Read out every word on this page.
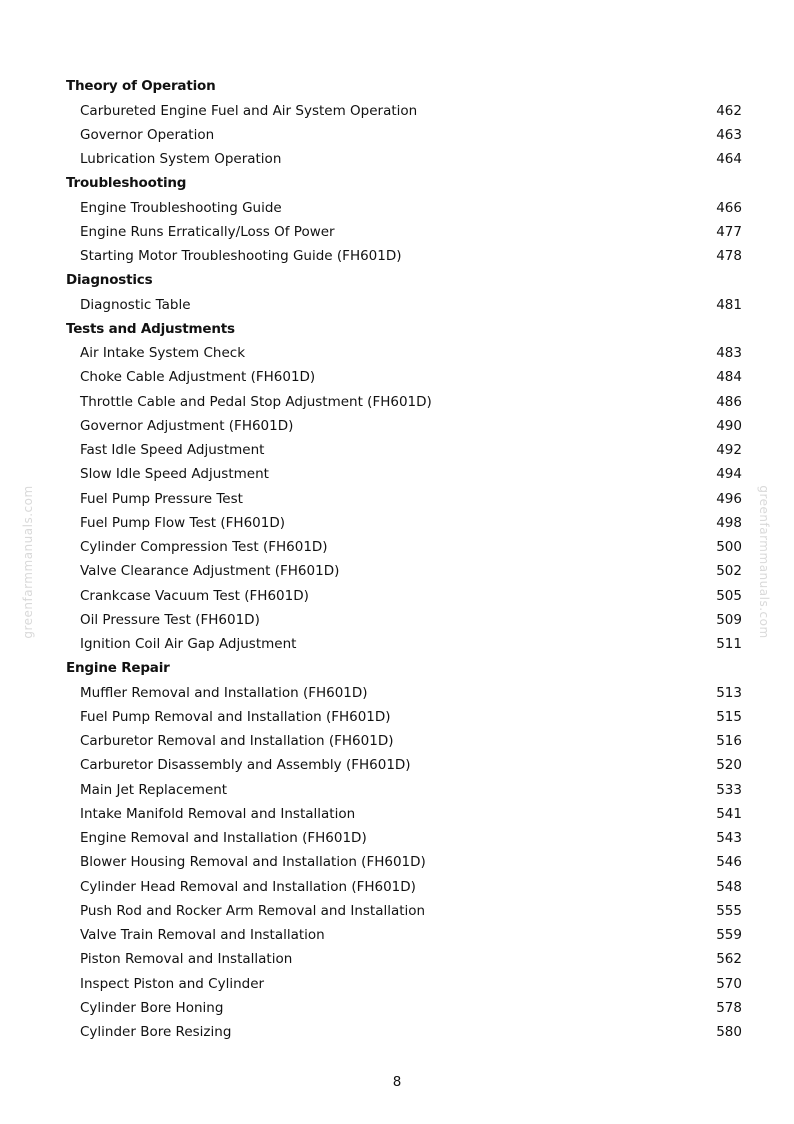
greenfarmmanuals.com	greenfarmmanuals.com
Theory of Operation
Carbureted Engine Fuel and Air System Operation	462
Governor Operation	463
Lubrication System Operation	464
Troubleshooting
Engine Troubleshooting Guide	466
Engine Runs Erratically/Loss Of Power	477
Starting Motor Troubleshooting Guide (FH601D)	478
Diagnostics
Diagnostic Table	481
Tests and Adjustments
Air Intake System Check	483
Choke Cable Adjustment (FH601D)	484
Throttle Cable and Pedal Stop Adjustment (FH601D)	486
Governor Adjustment (FH601D)	490
Fast Idle Speed Adjustment	492
Slow Idle Speed Adjustment	494
Fuel Pump Pressure Test	496
Fuel Pump Flow Test (FH601D)	498
Cylinder Compression Test (FH601D)	500
Valve Clearance Adjustment (FH601D)	502
Crankcase Vacuum Test (FH601D)	505
Oil Pressure Test (FH601D)	509
Ignition Coil Air Gap Adjustment	511
Engine Repair
Muffler Removal and Installation (FH601D)	513
Fuel Pump Removal and Installation (FH601D)	515
Carburetor Removal and Installation (FH601D)	516
Carburetor Disassembly and Assembly (FH601D)	520
Main Jet Replacement	533
Intake Manifold Removal and Installation	541
Engine Removal and Installation (FH601D)	543
Blower Housing Removal and Installation (FH601D)	546
Cylinder Head Removal and Installation (FH601D)	548
Push Rod and Rocker Arm Removal and Installation	555
Valve Train Removal and Installation	559
Piston Removal and Installation	562
Inspect Piston and Cylinder	570
Cylinder Bore Honing	578
Cylinder Bore Resizing	580
8
